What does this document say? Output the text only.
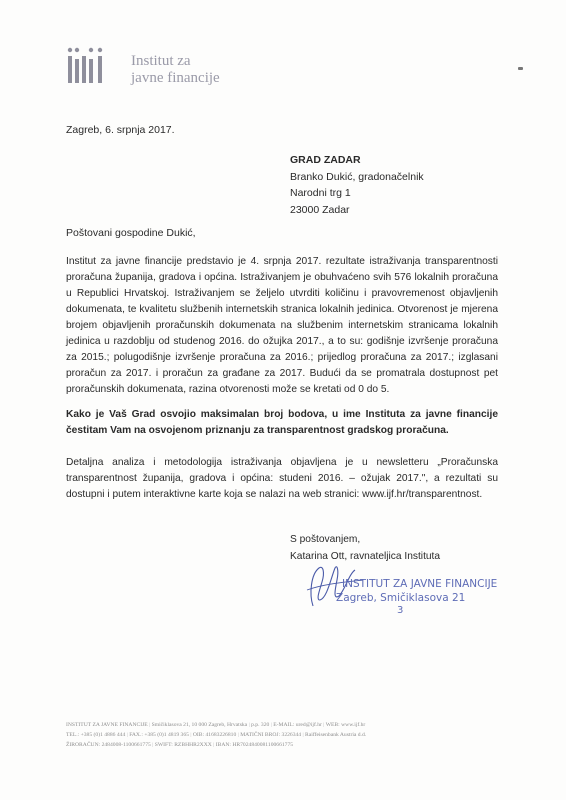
Institut za
javne financije
Zagreb, 6. srpnja 2017.
GRAD ZADAR
Branko Dukić, gradonačelnik
Narodni trg 1
23000 Zadar
Poštovani gospodine Dukić,

Institut za javne financije predstavio je 4. srpnja 2017. rezultate istraživanja transparentnosti proračuna županija, gradova i općina. Istraživanjem je obuhvaćeno svih 576 lokalnih proračuna u Republici Hrvatskoj. Istraživanjem se željelo utvrditi količinu i pravovremenost objavljenih dokumenata, te kvalitetu službenih internetskih stranica lokalnih jedinica. Otvorenost je mjerena brojem objavljenih proračunskih dokumenata na službenim internetskim stranicama lokalnih jedinica u razdoblju od studenog 2016. do ožujka 2017., a to su: godišnje izvršenje proračuna za 2015.; polugodišnje izvršenje proračuna za 2016.; prijedlog proračuna za 2017.; izglasani proračun za 2017. i proračun za građane za 2017. Budući da se promatrala dostupnost pet proračunskih dokumenata, razina otvorenosti može se kretati od 0 do 5.

Kako je Vaš Grad osvojio maksimalan broj bodova, u ime Instituta za javne financije čestitam Vam na osvojenom priznanju za transparentnost gradskog proračuna.

Detaljna analiza i metodologija istraživanja objavljena je u newsletteru „Proračunska transparentnost županija, gradova i općina: studeni 2016. – ožujak 2017.", a rezultati su dostupni i putem interaktivne karte koja se nalazi na web stranici: www.ijf.hr/transparentnost.

S poštovanjem,
Katarina Ott, ravnateljica Instituta
INSTITUT ZA JAVNE FINANCIJE
Zagreb, Smičiklasova 21
3
INSTITUT ZA JAVNE FINANCIJE | Smičiklasova 21, 10 000 Zagreb, Hrvatska | p.p. 320 | E-MAIL: ured@ijf.hr | WEB: www.ijf.hr
TEL.: +385 (0)1 4886 444 | FAX.: +385 (0)1 4819 365 | OIB: 41683226810 | MATIČNI BROJ: 3226344 | Raiffeisenbank Austria d.d.
ŽIRORAČUN: 2484008-1100661775 | SWIFT: RZBHHR2XXX | IBAN: HR7024840081100661775
